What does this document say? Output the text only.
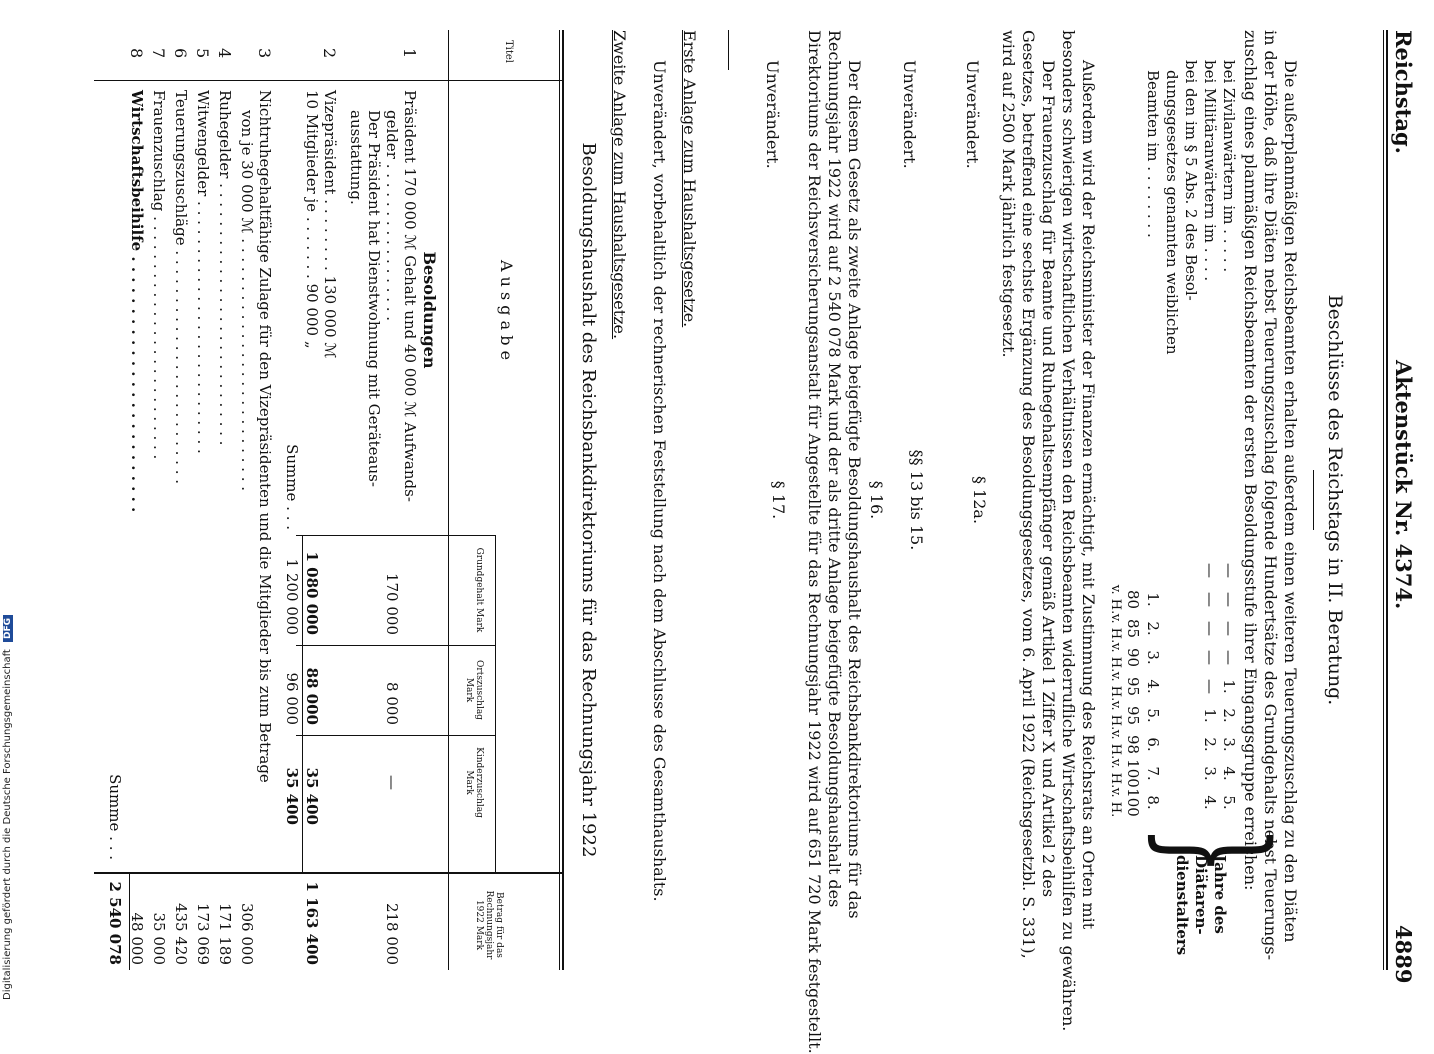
Reichstag.
Aktenstück Nr. 4374.
4889
Beschlüsse des Reichstags in II. Beratung.
Die außerplanmäßigen Reichsbeamten erhalten außerdem einen weiteren Teuerungszuschlag zu den Diäten
in der Höhe, daß ihre Diäten nebst Teuerungszuschlag folgende Hundertsätze des Grundgehalts nebst Teuerungs-
zuschlag eines planmäßigen Reichsbeamten der ersten Besoldungsstufe ihrer Eingangsgruppe erreichen:
bei Zivilanwärtern im . . . . .
bei Militäranwärtern im . . . .
bei den im § 5 Abs. 2 des Besol-
dungsgesetzes genannten weiblichen
Beamten im . . . . . . . .
—
—
—
—
1.
2.
3.
4.
5.
—
—
—
—
—
1.
2.
3.
4.
1.
2.
3.
4.
5.
6.
7.
8.
80
85
90
95
95
98
100
100
v. H.
v. H.
v. H.
v. H.
v. H.
v. H.
v. H.
v. H.
}
Jahre des
Diätaren-
dienstalters
Außerdem wird der Reichsminister der Finanzen ermächtigt, mit Zustimmung des Reichsrats an Orten mit
besonders schwierigen wirtschaftlichen Verhältnissen den Reichsbeamten widerrufliche Wirtschaftsbeihilfen zu gewähren.
Der Frauenzuschlag für Beamte und Ruhegehaltsempfänger gemäß Artikel 1 Ziffer X und Artikel 2 des
Gesetzes, betreffend eine sechste Ergänzung des Besoldungsgesetzes, vom 6. April 1922 (Reichsgesetzbl. S. 331),
wird auf 2500 Mark jährlich festgesetzt.
§ 12a.
Unverändert.
§§ 13 bis 15.
Unverändert.
§ 16.
Der diesem Gesetz als zweite Anlage beigefügte Besoldungshaushalt des Reichsbankdirektoriums für das
Rechnungsjahr 1922 wird auf 2 540 078 Mark und der als dritte Anlage beigefügte Besoldungshaushalt des
Direktoriums der Reichsversicherungsanstalt für Angestellte für das Rechnungsjahr 1922 wird auf 651 720 Mark festgestellt.
§ 17.
Unverändert.
Erste Anlage zum Haushaltsgesetze.
Unverändert, vorbehaltlich der rechnerischen Feststellung nach dem Abschlusse des Gesamthaushalts.
Zweite Anlage zum Haushaltsgesetze.
Besoldungshaushalt des Reichsbankdirektoriums für das Rechnungsjahr 1922
Titel
A u s g a b e
Grundgehalt Mark
Ortszuschlag Mark
Kinderzuschlag Mark
Betrag für das Rechnungsjahr 1922 Mark
Besoldungen
1
Präsident 170 000 ℳ Gehalt und 40 000 ℳ Aufwands-
gelder . . . . . . . . . . . . . . . . .
Der Präsident hat Dienstwohnung mit Geräteaus-
ausstattung.
170 000
8 000
—
218 000
2
Vizepräsident . . . . . . . . 130 000 ℳ
10 Mitglieder je . . . . . . . 90 000 „
Summe . . .
1 080 000
88 000
35 400
1 200 000
96 000
35 400
1 163 400
3
Nichtruhegehaltfähige Zulage für den Vizepräsidenten und die Mitglieder bis zum Betrage
von je 30 000 ℳ . . . . . . . . . . . . . . . . . . . . . . . . . . .
306 000
4
Ruhegelder . . . . . . . . . . . . . . . . . . . . . . . . . . . .
171 189
5
Witwengelder . . . . . . . . . . . . . . . . . . . . . . . . . . .
173 069
6
Teuerungszuschläge . . . . . . . . . . . . . . . . . . . . . . . . .
435 420
7
Frauenzuschlag . . . . . . . . . . . . . . . . . . . . . . . . . .
35 000
8
Wirtschaftsbeihilfe . . . . . . . . . . . . . . . . . . . . . . . . .
48 000
Summe . . .
2 540 078
Digitalisierung gefördert durch die Deutsche Forschungsgemeinschaft DFG
